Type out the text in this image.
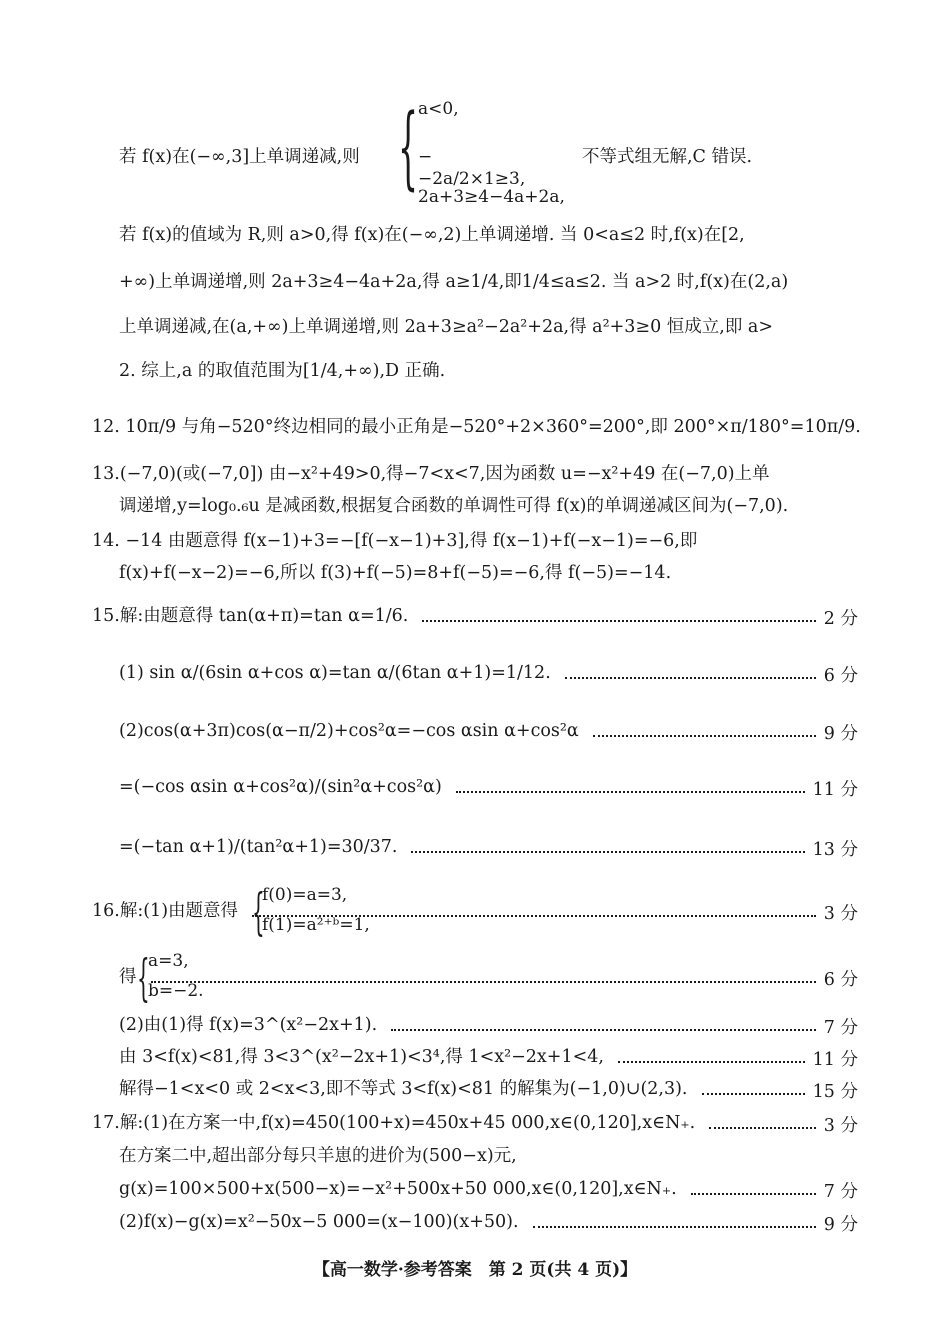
{ a<0,
−−2a/2×1≥3,
2a+3≥4−4a+2a,
若 f(x)在(−∞,3]上单调递减,则	不等式组无解,C 错误.
若 f(x)的值域为 R,则 a>0,得 f(x)在(−∞,2)上单调递增. 当 0<a≤2 时,f(x)在[2,
+∞)上单调递增,则 2a+3≥4−4a+2a,得 a≥1/4,即1/4≤a≤2. 当 a>2 时,f(x)在(2,a)
上单调递减,在(a,+∞)上单调递增,则 2a+3≥a²−2a²+2a,得 a²+3≥0 恒成立,即 a>
2. 综上,a 的取值范围为[1/4,+∞),D 正确.
12. 10π/9 与角−520°终边相同的最小正角是−520°+2×360°=200°,即 200°×π/180°=10π/9.
13.(−7,0)(或(−7,0]) 由−x²+49>0,得−7<x<7,因为函数 u=−x²+49 在(−7,0)上单
调递增,y=log₀.₆u 是减函数,根据复合函数的单调性可得 f(x)的单调递减区间为(−7,0).
14. −14 由题意得 f(x−1)+3=−[f(−x−1)+3],得 f(x−1)+f(−x−1)=−6,即
f(x)+f(−x−2)=−6,所以 f(3)+f(−5)=8+f(−5)=−6,得 f(−5)=−14.
15.解:由题意得 tan(α+π)=tan α=1/6.	2 分
(1) sin α/(6sin α+cos α)=tan α/(6tan α+1)=1/12.	6 分
(2)cos(α+3π)cos(α−π/2)+cos²α=−cos αsin α+cos²α	9 分
=(−cos αsin α+cos²α)/(sin²α+cos²α)	11 分
=(−tan α+1)/(tan²α+1)=30/37.	13 分
16.解:(1)由题意得 {
f(0)=a=3,
f(1)=a²⁺ᵇ=1,
3 分
得 {
a=3,
b=−2.
6 分
(2)由(1)得 f(x)=3^(x²−2x+1).	7 分
由 3<f(x)<81,得 3<3^(x²−2x+1)<3⁴,得 1<x²−2x+1<4,	11 分
解得−1<x<0 或 2<x<3,即不等式 3<f(x)<81 的解集为(−1,0)∪(2,3).	15 分
17.解:(1)在方案一中,f(x)=450(100+x)=450x+45 000,x∈(0,120],x∈N₊.	3 分
在方案二中,超出部分每只羊崽的进价为(500−x)元,
g(x)=100×500+x(500−x)=−x²+500x+50 000,x∈(0,120],x∈N₊.	7 分
(2)f(x)−g(x)=x²−50x−5 000=(x−100)(x+50).	9 分
【高一数学·参考答案　第 2 页(共 4 页)】
